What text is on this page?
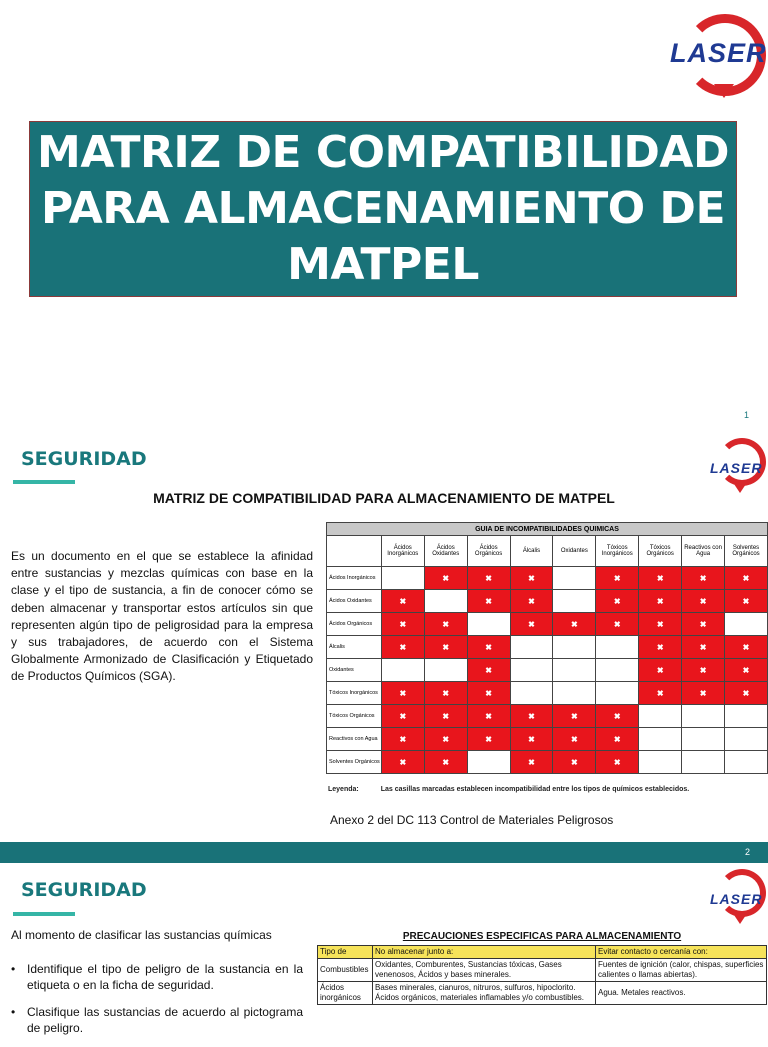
LASER
MATRIZ DE COMPATIBILIDAD
PARA ALMACENAMIENTO DE
MATPEL
1
SEGURIDAD	LASER
MATRIZ DE COMPATIBILIDAD PARA ALMACENAMIENTO DE MATPEL
Es un documento en el que se establece la afinidad entre sustancias y mezclas químicas con base en la clase y el tipo de sustancia, a fin de conocer cómo se deben almacenar y transportar estos artículos sin que representen algún tipo de peligrosidad para la empresa y sus trabajadores, de acuerdo con el Sistema Globalmente Armonizado de Clasificación y Etiquetado de Productos Químicos (SGA).
GUIA DE INCOMPATIBILIDADES QUIMICAS									
	Ácidos Inorgánicos	Ácidos Oxidantes	Ácidos Orgánicos	Álcalis	Oxidantes	Tóxicos Inorgánicos	Tóxicos Orgánicos	Reactivos con Agua	Solventes Orgánicos
Ácidos Inorgánicos		✖	✖	✖		✖	✖	✖	✖
Ácidos Oxidantes	✖		✖	✖		✖	✖	✖	✖
Ácidos Orgánicos	✖	✖		✖	✖	✖	✖	✖	
Álcalis	✖	✖	✖				✖	✖	✖
Oxidantes			✖				✖	✖	✖
Tóxicos Inorgánicos	✖	✖	✖				✖	✖	✖
Tóxicos Orgánicos	✖	✖	✖	✖	✖	✖			
Reactivos con Agua	✖	✖	✖	✖	✖	✖			
Solventes Orgánicos	✖	✖		✖	✖	✖			
Leyenda:	Las casillas marcadas establecen incompatibilidad entre los tipos de químicos establecidos.
Anexo 2 del DC 113 Control de Materiales Peligrosos
2
SEGURIDAD	LASER
Al momento de clasificar las sustancias químicas
• Identifique el tipo de peligro de la sustancia en la etiqueta o en la ficha de seguridad.
• Clasifique las sustancias de acuerdo al pictograma de peligro.
PRECAUCIONES ESPECIFICAS PARA ALMACENAMIENTO
Tipo de	No almacenar junto a:	Evitar contacto o cercanía con:
Combustibles	Oxidantes, Comburentes, Sustancias tóxicas, Gases venenosos, Ácidos y bases minerales.	Fuentes de ignición (calor, chispas, superficies calientes o llamas abiertas).
Ácidos inorgánicos	Bases minerales, cianuros, nitruros, sulfuros, hipoclorito. Ácidos orgánicos, materiales inflamables y/o combustibles.	Agua. Metales reactivos.
